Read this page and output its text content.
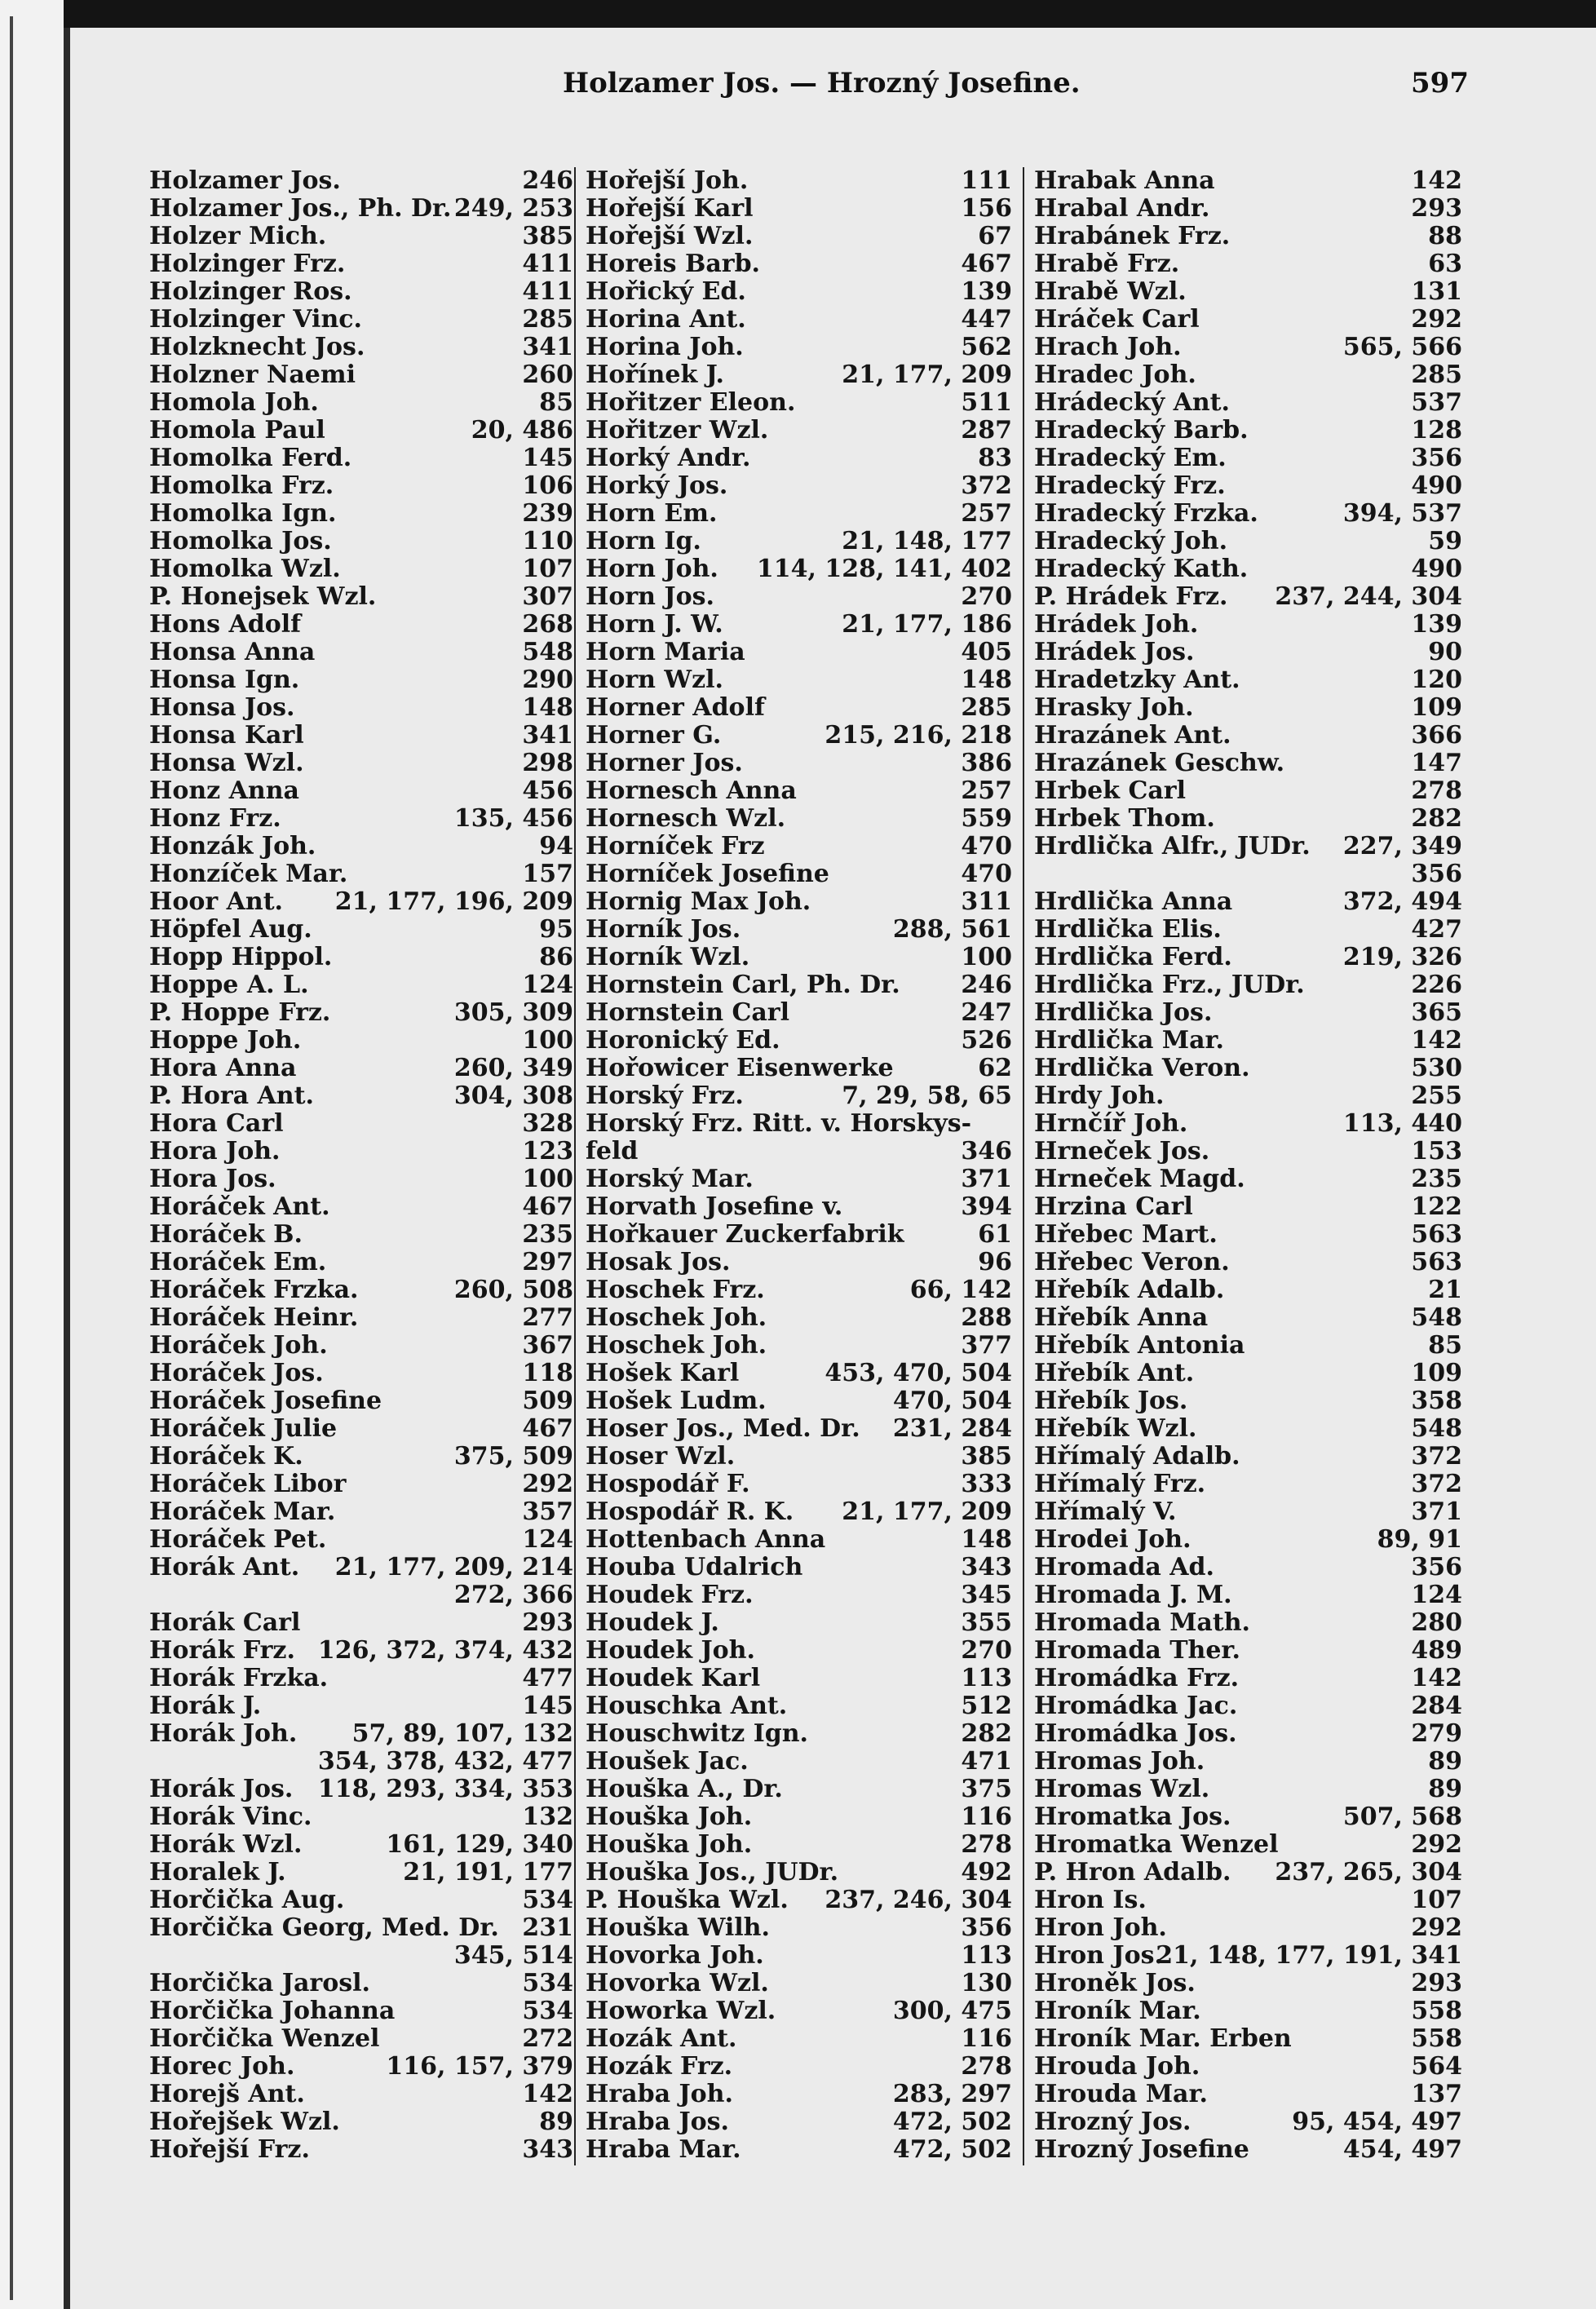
Holzamer Jos. — Hrozný Josefine.	597
Holzamer Jos.	246
Holzamer Jos., Ph. Dr. 249, 253
Holzer Mich.	385
Holzinger Frz.	411
Holzinger Ros.	411
Holzinger Vinc.	285
Holzknecht Jos.	341
Holzner Naemi	260
Homola Joh.	85
Homola Paul	20, 486
Homolka Ferd.	145
Homolka Frz.	106
Homolka Ign.	239
Homolka Jos.	110
Homolka Wzl.	107
P. Honejsek Wzl.	307
Hons Adolf	268
Honsa Anna	548
Honsa Ign.	290
Honsa Jos.	148
Honsa Karl	341
Honsa Wzl.	298
Honz Anna	456
Honz Frz.	135, 456
Honzák Joh.	94
Honzíček Mar.	157
Hoor Ant. 21, 177, 196, 209
Höpfel Aug.	95
Hopp Hippol.	86
Hoppe A. L.	124
P. Hoppe Frz.	305, 309
Hoppe Joh.	100
Hora Anna	260, 349
P. Hora Ant.	304, 308
Hora Carl	328
Hora Joh.	123
Hora Jos.	100
Horáček Ant.	467
Horáček B.	235
Horáček Em.	297
Horáček Frzka.	260, 508
Horáček Heinr.	277
Horáček Joh.	367
Horáček Jos.	118
Horáček Josefine	509
Horáček Julie	467
Horáček K.	375, 509
Horáček Libor	292
Horáček Mar.	357
Horáček Pet.	124
Horák Ant. 21, 177, 209, 214
272, 366
Horák Carl	293
Horák Frz. 126, 372, 374, 432
Horák Frzka.	477
Horák J.	145
Horák Joh. 57, 89, 107, 132
354, 378, 432, 477
Horák Jos. 118, 293, 334, 353
Horák Vinc.	132
Horák Wzl.	161, 129, 340
Horalek J.	21, 191, 177
Horčička Aug.	534
Horčička Georg, Med. Dr. 231
345, 514
Horčička Jarosl.	534
Horčička Johanna	534
Horčička Wenzel	272
Horec Joh.	116, 157, 379
Horejš Ant.	142
Hořejšek Wzl.	89
Hořejší Frz.	343
Hořejší Joh.	111
Hořejší Karl	156
Hořejší Wzl.	67
Horeis Barb.	467
Hořický Ed.	139
Horina Ant.	447
Horina Joh.	562
Hořínek J.	21, 177, 209
Hořitzer Eleon.	511
Hořitzer Wzl.	287
Horký Andr.	83
Horký Jos.	372
Horn Em.	257
Horn Ig.	21, 148, 177
Horn Joh. 114, 128, 141, 402
Horn Jos.	270
Horn J. W.	21, 177, 186
Horn Maria	405
Horn Wzl.	148
Horner Adolf	285
Horner G.	215, 216, 218
Horner Jos.	386
Hornesch Anna	257
Hornesch Wzl.	559
Horníček Frz	470
Horníček Josefine	470
Hornig Max Joh.	311
Horník Jos.	288, 561
Horník Wzl.	100
Hornstein Carl, Ph. Dr. 246
Hornstein Carl	247
Horonický Ed.	526
Hořowicer Eisenwerke	62
Horský Frz.	7, 29, 58, 65
Horský Frz. Ritt. v. Horskys-
feld	346
Horský Mar.	371
Horvath Josefine v.	394
Hořkauer Zuckerfabrik	61
Hosak Jos.	96
Hoschek Frz.	66, 142
Hoschek Joh.	288
Hoschek Joh.	377
Hošek Karl	453, 470, 504
Hošek Ludm.	470, 504
Hoser Jos., Med. Dr. 231, 284
Hoser Wzl.	385
Hospodář F.	333
Hospodář R. K. 21, 177, 209
Hottenbach Anna	148
Houba Udalrich	343
Houdek Frz.	345
Houdek J.	355
Houdek Joh.	270
Houdek Karl	113
Houschka Ant.	512
Houschwitz Ign.	282
Houšek Jac.	471
Houška A., Dr.	375
Houška Joh.	116
Houška Joh.	278
Houška Jos., JUDr.	492
P. Houška Wzl. 237, 246, 304
Houška Wilh.	356
Hovorka Joh.	113
Hovorka Wzl.	130
Howorka Wzl.	300, 475
Hozák Ant.	116
Hozák Frz.	278
Hraba Joh.	283, 297
Hraba Jos.	472, 502
Hraba Mar.	472, 502
Hrabak Anna	142
Hrabal Andr.	293
Hrabánek Frz.	88
Hrabě Frz.	63
Hrabě Wzl.	131
Hráček Carl	292
Hrach Joh.	565, 566
Hradec Joh.	285
Hrádecký Ant.	537
Hradecký Barb.	128
Hradecký Em.	356
Hradecký Frz.	490
Hradecký Frzka.	394, 537
Hradecký Joh.	59
Hradecký Kath.	490
P. Hrádek Frz. 237, 244, 304
Hrádek Joh.	139
Hrádek Jos.	90
Hradetzky Ant.	120
Hrasky Joh.	109
Hrazánek Ant.	366
Hrazánek Geschw.	147
Hrbek Carl	278
Hrbek Thom.	282
Hrdlička Alfr., JUDr. 227, 349
356
Hrdlička Anna	372, 494
Hrdlička Elis.	427
Hrdlička Ferd.	219, 326
Hrdlička Frz., JUDr.	226
Hrdlička Jos.	365
Hrdlička Mar.	142
Hrdlička Veron.	530
Hrdy Joh.	255
Hrnčíř Joh.	113, 440
Hrneček Jos.	153
Hrneček Magd.	235
Hrzina Carl	122
Hřebec Mart.	563
Hřebec Veron.	563
Hřebík Adalb.	21
Hřebík Anna	548
Hřebík Antonia	85
Hřebík Ant.	109
Hřebík Jos.	358
Hřebík Wzl.	548
Hřímalý Adalb.	372
Hřímalý Frz.	372
Hřímalý V.	371
Hrodei Joh.	89, 91
Hromada Ad.	356
Hromada J. M.	124
Hromada Math.	280
Hromada Ther.	489
Hromádka Frz.	142
Hromádka Jac.	284
Hromádka Jos.	279
Hromas Joh.	89
Hromas Wzl.	89
Hromatka Jos.	507, 568
Hromatka Wenzel	292
P. Hron Adalb. 237, 265, 304
Hron Is.	107
Hron Joh.	292
Hron Jos.
21, 148, 177, 191, 341
Hroněk Jos.	293
Hroník Mar.	558
Hroník Mar. Erben	558
Hrouda Joh.	564
Hrouda Mar.	137
Hrozný Jos.	95, 454, 497
Hrozný Josefine	454, 497
